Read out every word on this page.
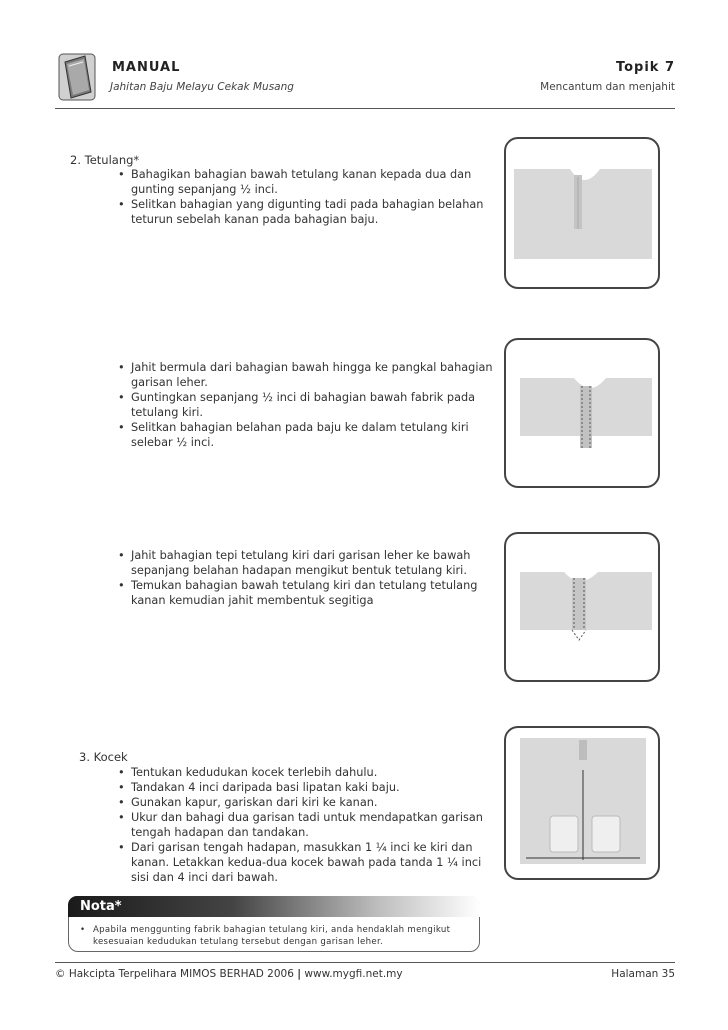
MANUAL
Jahitan Baju Melayu Cekak Musang
Topik 7
Mencantum dan menjahit
2. Tetulang*
• Bahagikan bahagian bawah tetulang kanan kepada dua dan gunting sepanjang ½ inci.
• Selitkan bahagian yang digunting tadi pada bahagian belahan teturun sebelah kanan pada bahagian baju.
• Jahit bermula dari bahagian bawah hingga ke pangkal bahagian garisan leher.
• Guntingkan sepanjang ½ inci di bahagian bawah fabrik pada tetulang kiri.
• Selitkan bahagian belahan pada baju ke dalam tetulang kiri selebar ½ inci.
• Jahit bahagian tepi tetulang kiri dari garisan leher ke bawah sepanjang belahan hadapan mengikut bentuk tetulang kiri.
• Temukan bahagian bawah tetulang kiri dan tetulang tetulang kanan kemudian jahit membentuk segitiga
3. Kocek
• Tentukan kedudukan kocek terlebih dahulu.
• Tandakan 4 inci daripada basi lipatan kaki baju.
• Gunakan kapur, gariskan dari kiri ke kanan.
• Ukur dan bahagi dua garisan tadi untuk mendapatkan garisan tengah hadapan dan tandakan.
• Dari garisan tengah hadapan, masukkan 1 ¼ inci ke kiri dan kanan. Letakkan kedua-dua kocek bawah pada tanda 1 ¼ inci sisi dan 4 inci dari bawah.
Nota*
• Apabila menggunting fabrik bahagian tetulang kiri, anda hendaklah mengikut kesesuaian kedudukan tetulang tersebut dengan garisan leher.
© Hakcipta Terpelihara MIMOS BERHAD 2006 | www.mygfi.net.my	Halaman 35
